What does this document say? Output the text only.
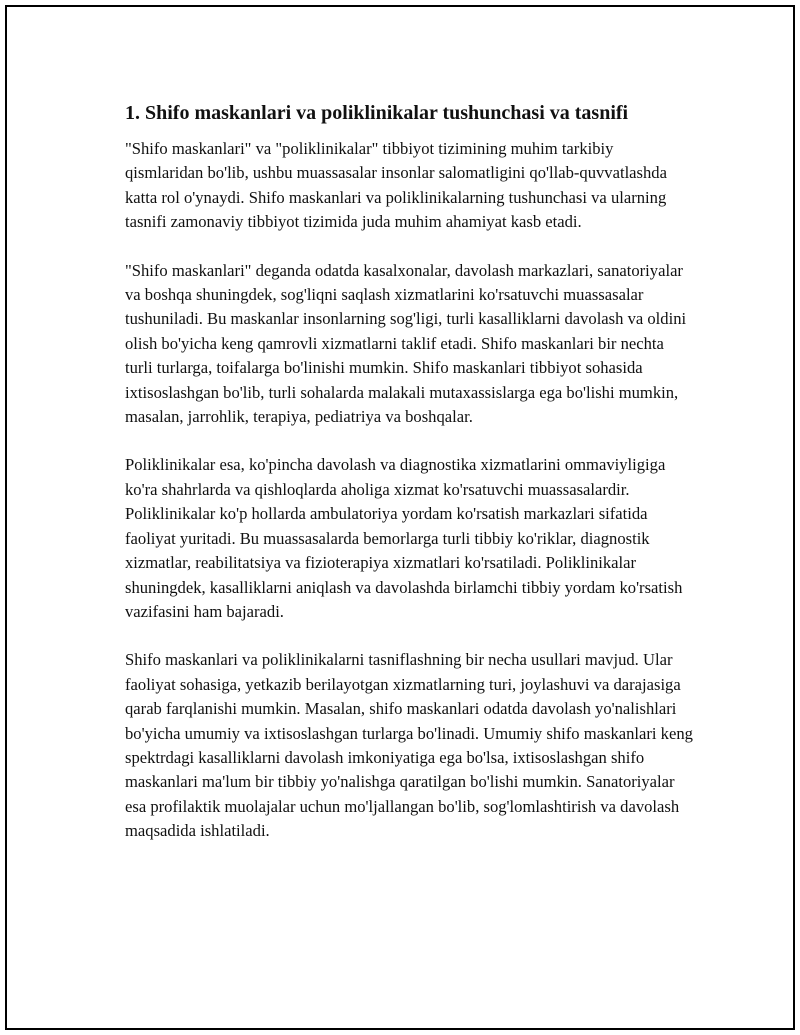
1. Shifo maskanlari va poliklinikalar tushunchasi va tasnifi

"Shifo maskanlari" va "poliklinikalar" tibbiyot tizimining muhim tarkibiy qismlaridan bo'lib, ushbu muassasalar insonlar salomatligini qo'llab-quvvatlashda katta rol o'ynaydi. Shifo maskanlari va poliklinikalarning tushunchasi va ularning tasnifi zamonaviy tibbiyot tizimida juda muhim ahamiyat kasb etadi.

"Shifo maskanlari" deganda odatda kasalxonalar, davolash markazlari, sanatoriyalar va boshqa shuningdek, sog'liqni saqlash xizmatlarini ko'rsatuvchi muassasalar tushuniladi. Bu maskanlar insonlarning sog'ligi, turli kasalliklarni davolash va oldini olish bo'yicha keng qamrovli xizmatlarni taklif etadi. Shifo maskanlari bir nechta turli turlarga, toifalarga bo'linishi mumkin. Shifo maskanlari tibbiyot sohasida ixtisoslashgan bo'lib, turli sohalarda malakali mutaxassislarga ega bo'lishi mumkin, masalan, jarrohlik, terapiya, pediatriya va boshqalar.

Poliklinikalar esa, ko'pincha davolash va diagnostika xizmatlarini ommaviyligiga ko'ra shahrlarda va qishloqlarda aholiga xizmat ko'rsatuvchi muassasalardir. Poliklinikalar ko'p hollarda ambulatoriya yordam ko'rsatish markazlari sifatida faoliyat yuritadi. Bu muassasalarda bemorlarga turli tibbiy ko'riklar, diagnostik xizmatlar, reabilitatsiya va fizioterapiya xizmatlari ko'rsatiladi. Poliklinikalar shuningdek, kasalliklarni aniqlash va davolashda birlamchi tibbiy yordam ko'rsatish vazifasini ham bajaradi.

Shifo maskanlari va poliklinikalarni tasniflashning bir necha usullari mavjud. Ular faoliyat sohasiga, yetkazib berilayotgan xizmatlarning turi, joylashuvi va darajasiga qarab farqlanishi mumkin. Masalan, shifo maskanlari odatda davolash yo'nalishlari bo'yicha umumiy va ixtisoslashgan turlarga bo'linadi. Umumiy shifo maskanlari keng spektrdagi kasalliklarni davolash imkoniyatiga ega bo'lsa, ixtisoslashgan shifo maskanlari ma'lum bir tibbiy yo'nalishga qaratilgan bo'lishi mumkin. Sanatoriyalar esa profilaktik muolajalar uchun mo'ljallangan bo'lib, sog'lomlashtirish va davolash maqsadida ishlatiladi.
